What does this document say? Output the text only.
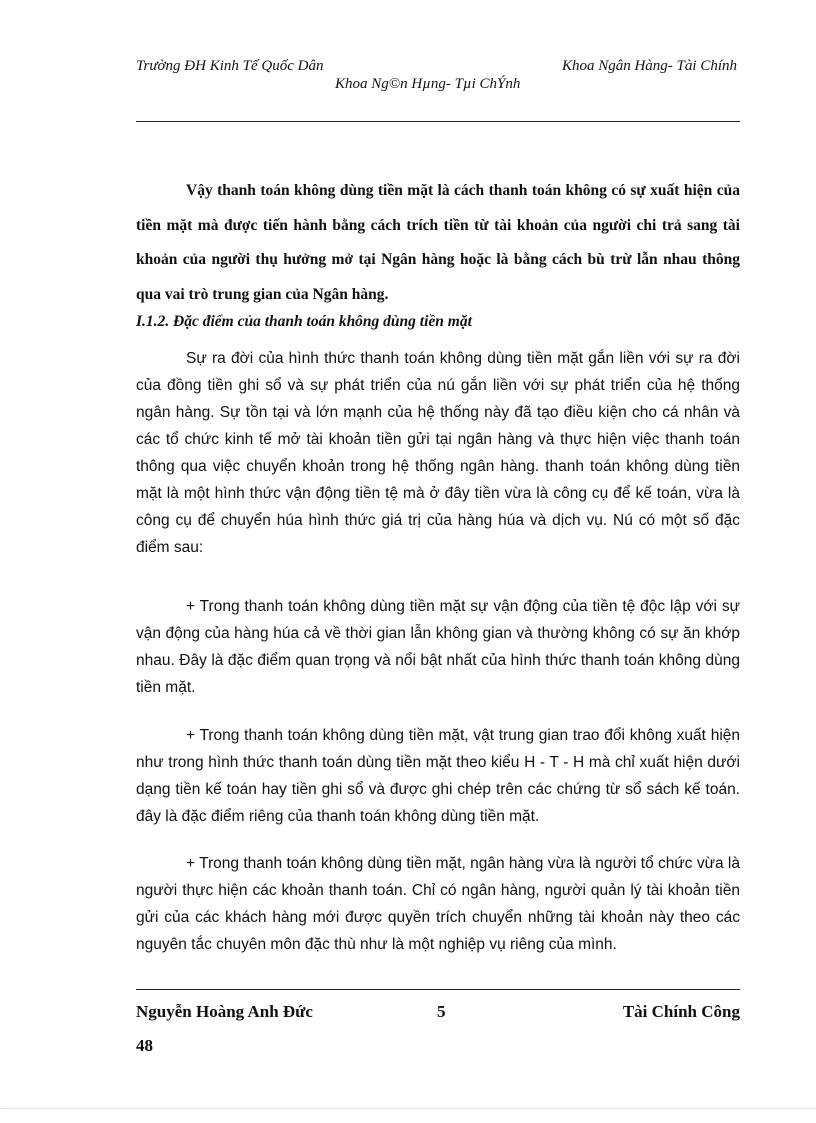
Trường ĐH Kinh Tế Quốc Dân	Khoa Ngân Hàng- Tài Chính
Khoa Ng©n Hµng- Tµi ChÝnh
Vậy thanh toán không dùng tiền mặt là cách thanh toán không có sự xuất hiện của tiền mặt mà được tiến hành bằng cách trích tiền từ tài khoản của người chi trả sang tài khoản của người thụ hưởng mở tại Ngân hàng hoặc là bằng cách bù trừ lẫn nhau thông qua vai trò trung gian của Ngân hàng.
I.1.2. Đặc điểm của thanh toán không dùng tiền mặt
Sự ra đời của hình thức thanh toán không dùng tiền mặt gắn liền với sự ra đời của đồng tiền ghi sổ và sự phát triển của nú gắn liền với sự phát triển của hệ thống ngân hàng. Sự tồn tại và lớn mạnh của hệ thống này đã tạo điều kiện cho cá nhân và các tổ chức kinh tế mở tài khoản tiền gửi tại ngân hàng và thực hiện việc thanh toán thông qua việc chuyển khoản trong hệ thống ngân hàng. thanh toán không dùng tiền mặt là một hình thức vận động tiền tệ mà ở đây tiền vừa là công cụ để kế toán, vừa là công cụ để chuyển húa hình thức giá trị của hàng húa và dịch vụ. Nú có một số đặc điểm sau:
+ Trong thanh toán không dùng tiền mặt sự vận động của tiền tệ độc lập với sự vận động của hàng húa cả về thời gian lẫn không gian và thường không có sự ăn khớp nhau. Đây là đặc điểm quan trọng và nổi bật nhất của hình thức thanh toán không dùng tiền mặt.
+ Trong thanh toán không dùng tiền mặt, vật trung gian trao đổi không xuất hiện như trong hình thức thanh toán dùng tiền mặt theo kiểu H - T - H mà chỉ xuất hiện dưới dạng tiền kế toán hay tiền ghi sổ và được ghi chép trên các chứng từ sổ sách kế toán. đây là đặc điểm riêng của thanh toán không dùng tiền mặt.
+ Trong thanh toán không dùng tiền mặt, ngân hàng vừa là người tổ chức vừa là người thực hiện các khoản thanh toán. Chỉ có ngân hàng, người quản lý tài khoản tiền gửi của các khách hàng mới được quyền trích chuyển những tài khoản này theo các nguyên tắc chuyên môn đặc thù như là một nghiệp vụ riêng của mình.
Nguyễn Hoàng Anh Đức	5	Tài Chính Công
48
